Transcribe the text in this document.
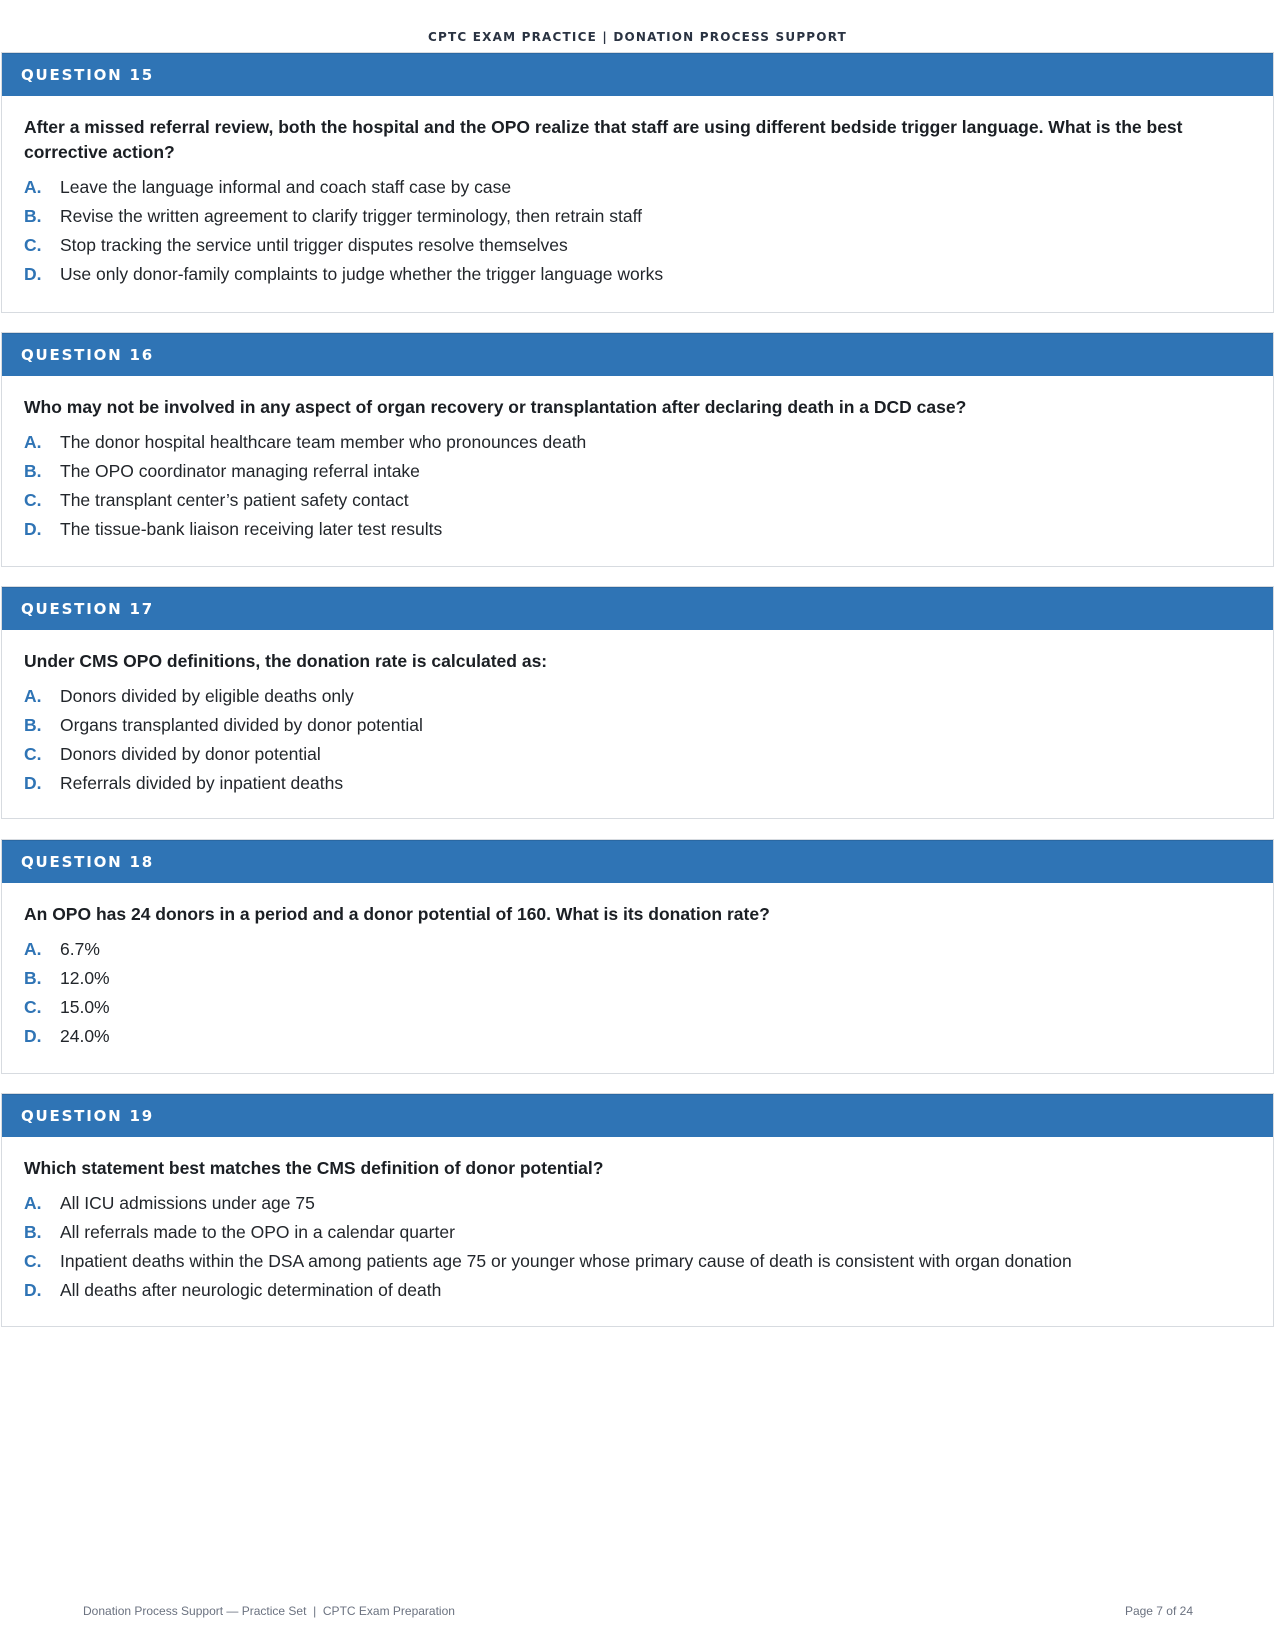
CPTC EXAM PRACTICE | DONATION PROCESS SUPPORT
QUESTION 15
After a missed referral review, both the hospital and the OPO realize that staff are using different bedside trigger language. What is the best corrective action?
A.	Leave the language informal and coach staff case by case
B.	Revise the written agreement to clarify trigger terminology, then retrain staff
C.	Stop tracking the service until trigger disputes resolve themselves
D.	Use only donor-family complaints to judge whether the trigger language works
QUESTION 16
Who may not be involved in any aspect of organ recovery or transplantation after declaring death in a DCD case?
A.	The donor hospital healthcare team member who pronounces death
B.	The OPO coordinator managing referral intake
C.	The transplant center’s patient safety contact
D.	The tissue-bank liaison receiving later test results
QUESTION 17
Under CMS OPO definitions, the donation rate is calculated as:
A.	Donors divided by eligible deaths only
B.	Organs transplanted divided by donor potential
C.	Donors divided by donor potential
D.	Referrals divided by inpatient deaths
QUESTION 18
An OPO has 24 donors in a period and a donor potential of 160. What is its donation rate?
A.	6.7%
B.	12.0%
C.	15.0%
D.	24.0%
QUESTION 19
Which statement best matches the CMS definition of donor potential?
A.	All ICU admissions under age 75
B.	All referrals made to the OPO in a calendar quarter
C.	Inpatient deaths within the DSA among patients age 75 or younger whose primary cause of death is consistent with organ donation
D.	All deaths after neurologic determination of death
Donation Process Support — Practice Set  |  CPTC Exam Preparation	Page 7 of 24
